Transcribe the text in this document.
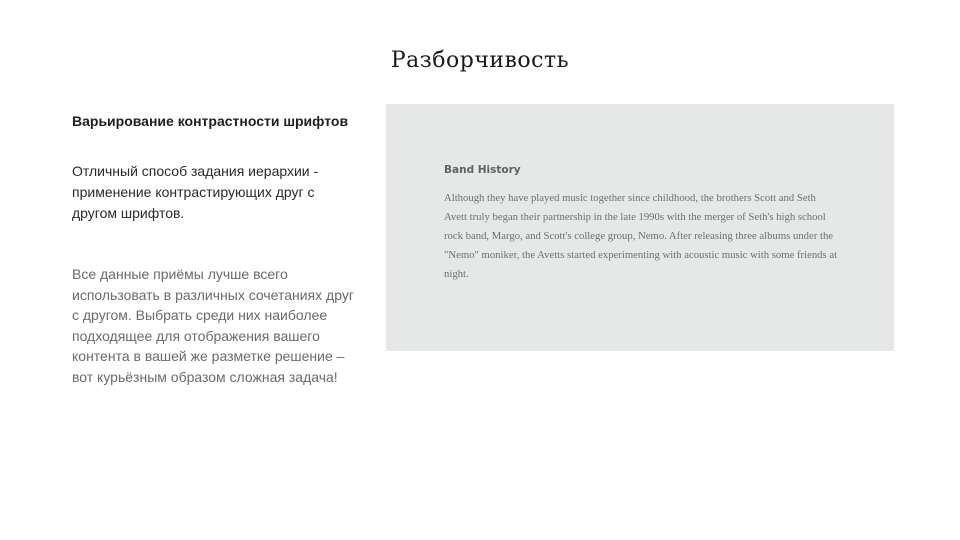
Разборчивость

Варьирование контрастности шрифтов

Отличный способ задания иерархии - применение контрастирующих друг с другом шрифтов.

Все данные приёмы лучше всего использовать в различных сочетаниях друг с другом. Выбрать среди них наиболее подходящее для отображения вашего контента в вашей же разметке решение – вот курьёзным образом сложная задача!

Band History

Although they have played music together since childhood, the brothers Scott and Seth Avett truly began their partnership in the late 1990s with the merger of Seth's high school rock band, Margo, and Scott's college group, Nemo. After releasing three albums under the "Nemo" moniker, the Avetts started experimenting with acoustic music with some friends at night.
